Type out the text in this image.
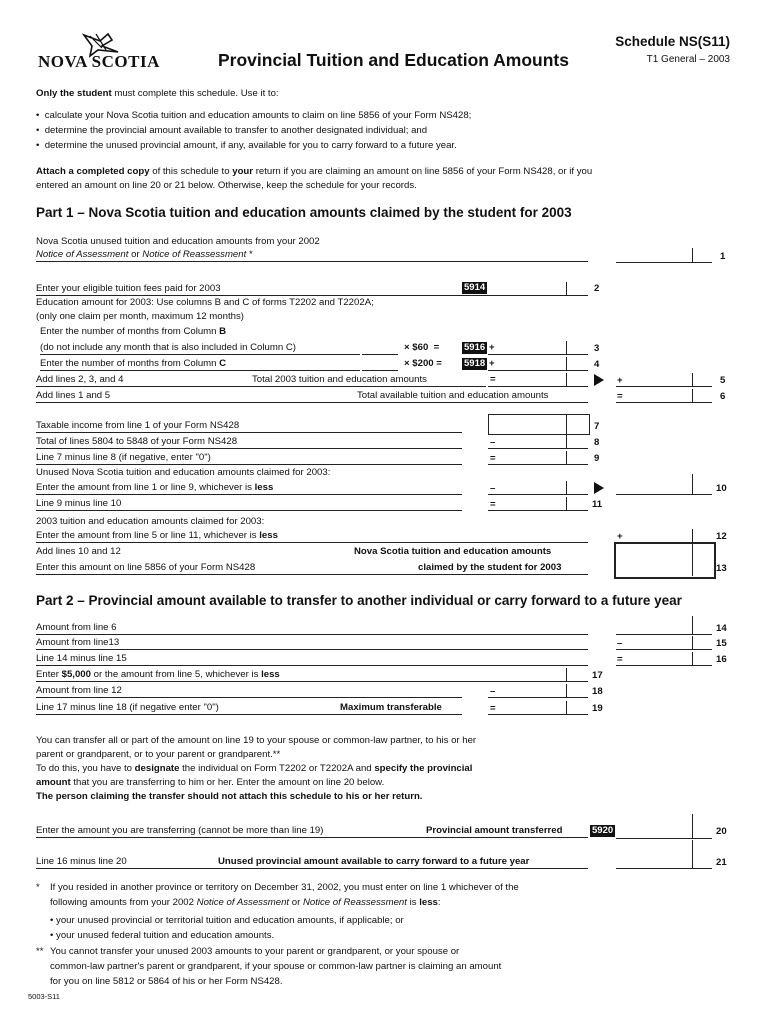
NOVA SCOTIA	Provincial Tuition and Education Amounts
Schedule NS(S11)
T1 General – 2003
Only the student must complete this schedule. Use it to:
• calculate your Nova Scotia tuition and education amounts to claim on line 5856 of your Form NS428;
• determine the provincial amount available to transfer to another designated individual; and
• determine the unused provincial amount, if any, available for you to carry forward to a future year.
Attach a completed copy of this schedule to your return if you are claiming an amount on line 5856 of your Form NS428, or if you
entered an amount on line 20 or 21 below. Otherwise, keep the schedule for your records.
Part 1 – Nova Scotia tuition and education amounts claimed by the student for 2003
Nova Scotia unused tuition and education amounts from your 2002
Notice of Assessment or Notice of Reassessment *	1
Enter your eligible tuition fees paid for 2003	5914	2
Education amount for 2003: Use columns B and C of forms T2202 and T2202A;
(only one claim per month, maximum 12 months)
Enter the number of months from Column B
(do not include any month that is also included in Column C)	× $60 =	5916 +	3
Enter the number of months from Column C	× $200 = 5918 +	4
Add lines 2, 3, and 4	Total 2003 tuition and education amounts	=	+	5
Add lines 1 and 5	Total available tuition and education amounts	=	6
Taxable income from line 1 of your Form NS428	7
Total of lines 5804 to 5848 of your Form NS428	–	8
Line 7 minus line 8 (if negative, enter "0")	=	9
Unused Nova Scotia tuition and education amounts claimed for 2003:
Enter the amount from line 1 or line 9, whichever is less	–	10
Line 9 minus line 10	=	11
2003 tuition and education amounts claimed for 2003:
Enter the amount from line 5 or line 11, whichever is less	+	12
Add lines 10 and 12
Enter this amount on line 5856 of your Form NS428
Nova Scotia tuition and education amounts
claimed by the student for 2003	13
Part 2 – Provincial amount available to transfer to another individual or carry forward to a future year
Amount from line 6	14
Amount from line13	–	15
Line 14 minus line 15	=	16
Enter $5,000 or the amount from line 5, whichever is less	17
Amount from line 12	–	18
Line 17 minus line 18 (if negative enter "0")	Maximum transferable	=	19
You can transfer all or part of the amount on line 19 to your spouse or common-law partner, to his or her
parent or grandparent, or to your parent or grandparent.**
To do this, you have to designate the individual on Form T2202 or T2202A and specify the provincial
amount that you are transferring to him or her. Enter the amount on line 20 below.
The person claiming the transfer should not attach this schedule to his or her return.
Enter the amount you are transferring (cannot be more than line 19)	Provincial amount transferred	5920	20
Line 16 minus line 20	Unused provincial amount available to carry forward to a future year	21
* If you resided in another province or territory on December 31, 2002, you must enter on line 1 whichever of the
following amounts from your 2002 Notice of Assessment or Notice of Reassessment is less:
• your unused provincial or territorial tuition and education amounts, if applicable; or
• your unused federal tuition and education amounts.
** You cannot transfer your unused 2003 amounts to your parent or grandparent, or your spouse or
common-law partner's parent or grandparent, if your spouse or common-law partner is claiming an amount
for you on line 5812 or 5864 of his or her Form NS428.
5003-S11
